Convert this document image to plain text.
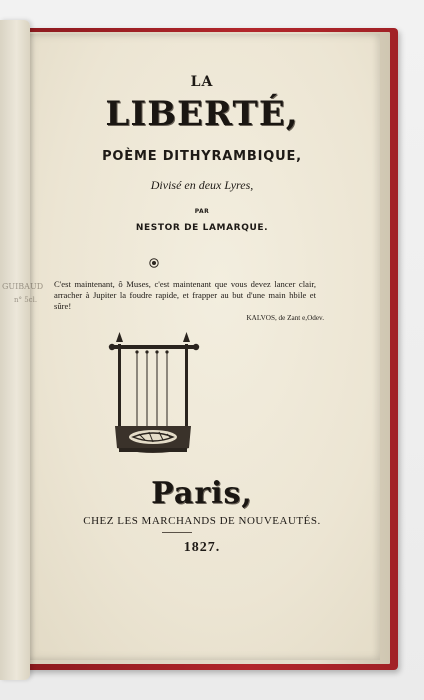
LA
LIBERTÉ,
POÈME DITHYRAMBIQUE,
Divisé en deux Lyres,
PAR
NESTOR DE LAMARQUE.
C'est maintenant, ô Muses, c'est maintenant que vous devez lancer clair, arracher à Jupiter la foudre rapide, et frapper au but d'une main hbile et sûre!
KALVOS, de Zant e,Odev.
Paris,
CHEZ LES MARCHANDS DE NOUVEAUTÉS.
1827.
GUIBAUD
n° 5cl.
